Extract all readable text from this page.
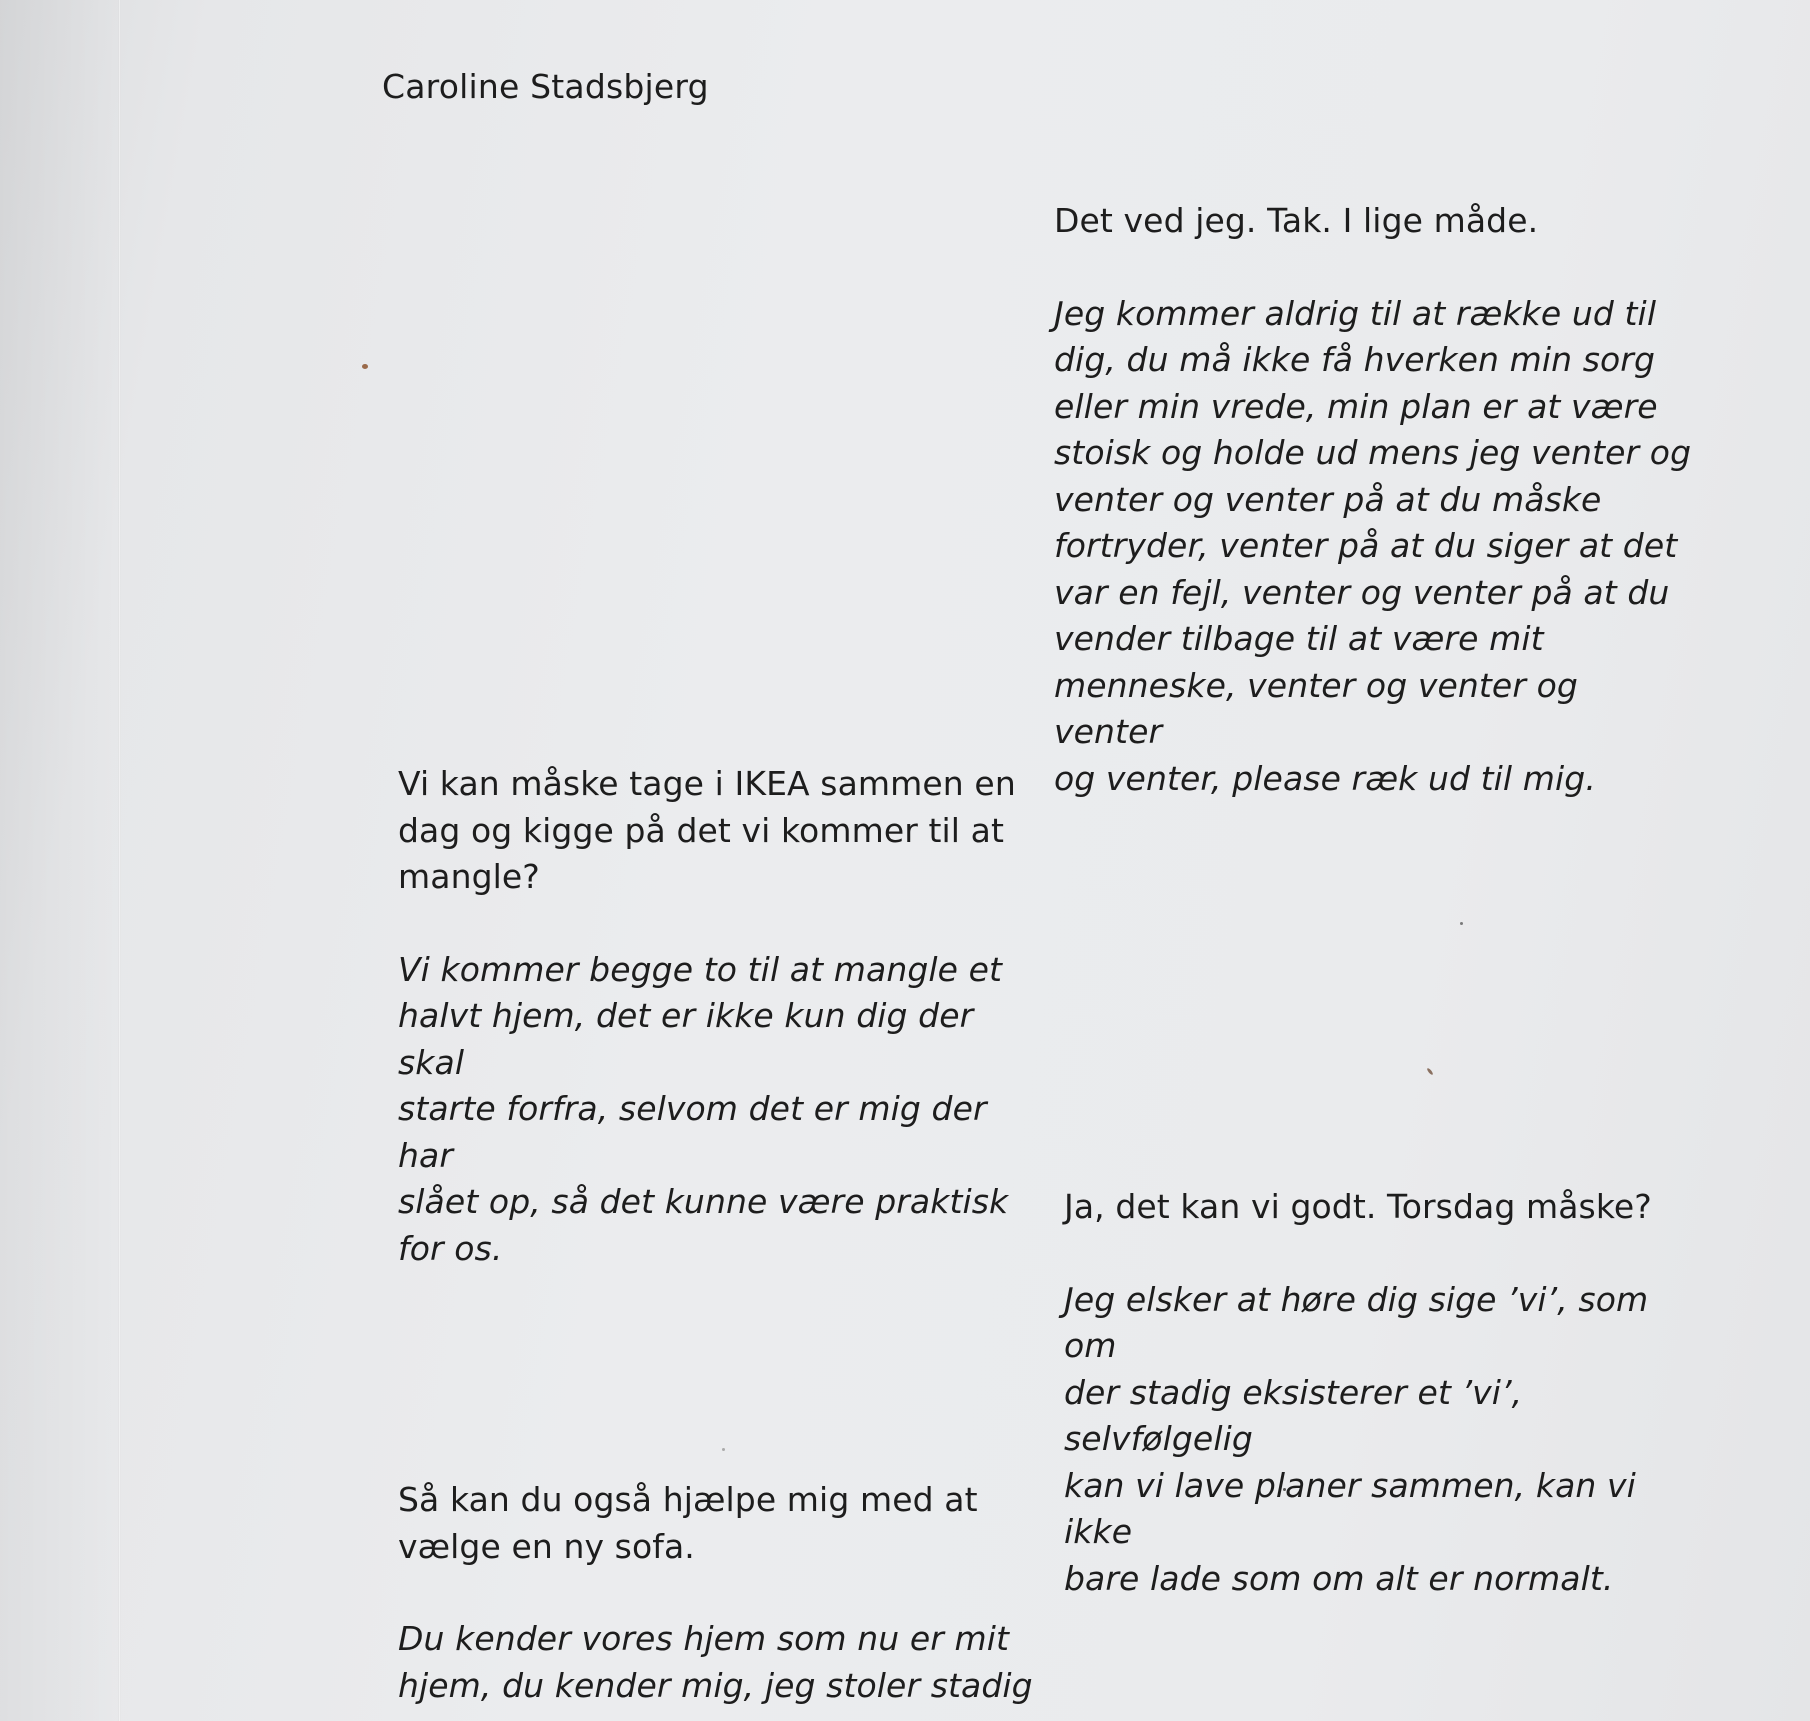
Caroline Stadsbjerg

Det ved jeg. Tak. I lige måde.

Jeg kommer aldrig til at række ud til

dig, du må ikke få hverken min sorg

eller min vrede, min plan er at være

stoisk og holde ud mens jeg venter og

venter og venter på at du måske

fortryder, venter på at du siger at det

var en fejl, venter og venter på at du

vender tilbage til at være mit

menneske, venter og venter og venter

og venter, please ræk ud til mig.

Vi kan måske tage i IKEA sammen en

dag og kigge på det vi kommer til at

mangle?

Vi kommer begge to til at mangle et

halvt hjem, det er ikke kun dig der skal

starte forfra, selvom det er mig der har

slået op, så det kunne være praktisk

for os.

Ja, det kan vi godt. Torsdag måske?

Jeg elsker at høre dig sige ’vi’, som om

der stadig eksisterer et ’vi’, selvfølgelig

kan vi lave planer sammen, kan vi ikke

bare lade som om alt er normalt.

Så kan du også hjælpe mig med at

vælge en ny sofa.

Du kender vores hjem som nu er mit

hjem, du kender mig, jeg stoler stadig
